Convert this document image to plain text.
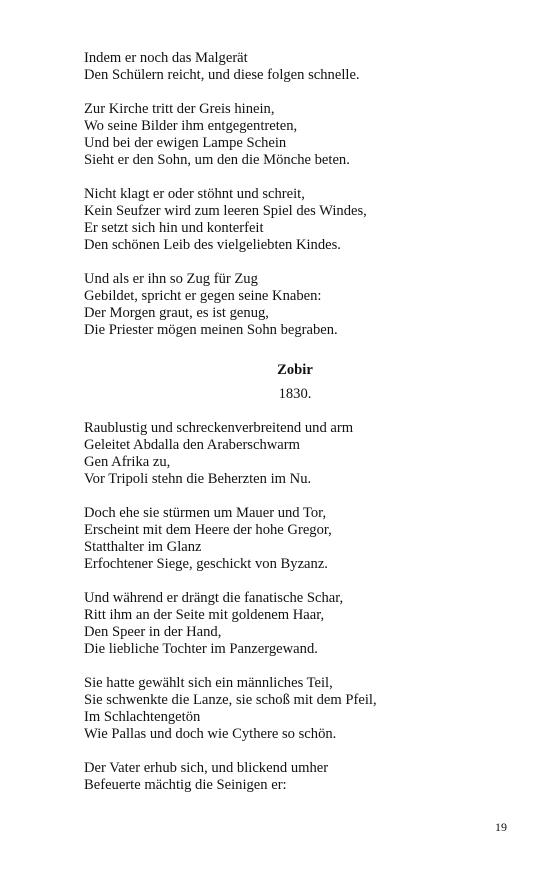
Indem er noch das Malgerät
Den Schülern reicht, und diese folgen schnelle.
Zur Kirche tritt der Greis hinein,
Wo seine Bilder ihm entgegentreten,
Und bei der ewigen Lampe Schein
Sieht er den Sohn, um den die Mönche beten.
Nicht klagt er oder stöhnt und schreit,
Kein Seufzer wird zum leeren Spiel des Windes,
Er setzt sich hin und konterfeit
Den schönen Leib des vielgeliebten Kindes.
Und als er ihn so Zug für Zug
Gebildet, spricht er gegen seine Knaben:
Der Morgen graut, es ist genug,
Die Priester mögen meinen Sohn begraben.
Zobir
1830.
Raublustig und schreckenverbreitend und arm
Geleitet Abdalla den Araberschwarm
Gen Afrika zu,
Vor Tripoli stehn die Beherzten im Nu.
Doch ehe sie stürmen um Mauer und Tor,
Erscheint mit dem Heere der hohe Gregor,
Statthalter im Glanz
Erfochtener Siege, geschickt von Byzanz.
Und während er drängt die fanatische Schar,
Ritt ihm an der Seite mit goldenem Haar,
Den Speer in der Hand,
Die liebliche Tochter im Panzergewand.
Sie hatte gewählt sich ein männliches Teil,
Sie schwenkte die Lanze, sie schoß mit dem Pfeil,
Im Schlachtengetön
Wie Pallas und doch wie Cythere so schön.
Der Vater erhub sich, und blickend umher
Befeuerte mächtig die Seinigen er:
19
